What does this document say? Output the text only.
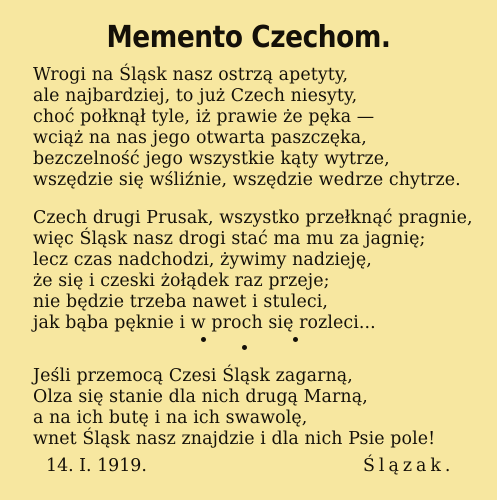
Memento Czechom.
Wrogi na Śląsk nasz ostrzą apetyty,
ale najbardziej, to już Czech niesyty,
choć połknął tyle, iż prawie że pęka —
wciąż na nas jego otwarta paszczęka,
bezczelność jego wszystkie kąty wytrze,
wszędzie się wśliźnie, wszędzie wedrze chytrze.
Czech drugi Prusak, wszystko przełknąć pragnie,
więc Śląsk nasz drogi stać ma mu za jagnię;
lecz czas nadchodzi, żywimy nadzieję,
że się i czeski żołądek raz przeje;
nie będzie trzeba nawet i stuleci,
jak bąba pęknie i w proch się rozleci...
Jeśli przemocą Czesi Śląsk zagarną,
Olza się stanie dla nich drugą Marną,
a na ich butę i na ich swawolę,
wnet Śląsk nasz znajdzie i dla nich Psie pole!
14. I. 1919.	Ślązak.
